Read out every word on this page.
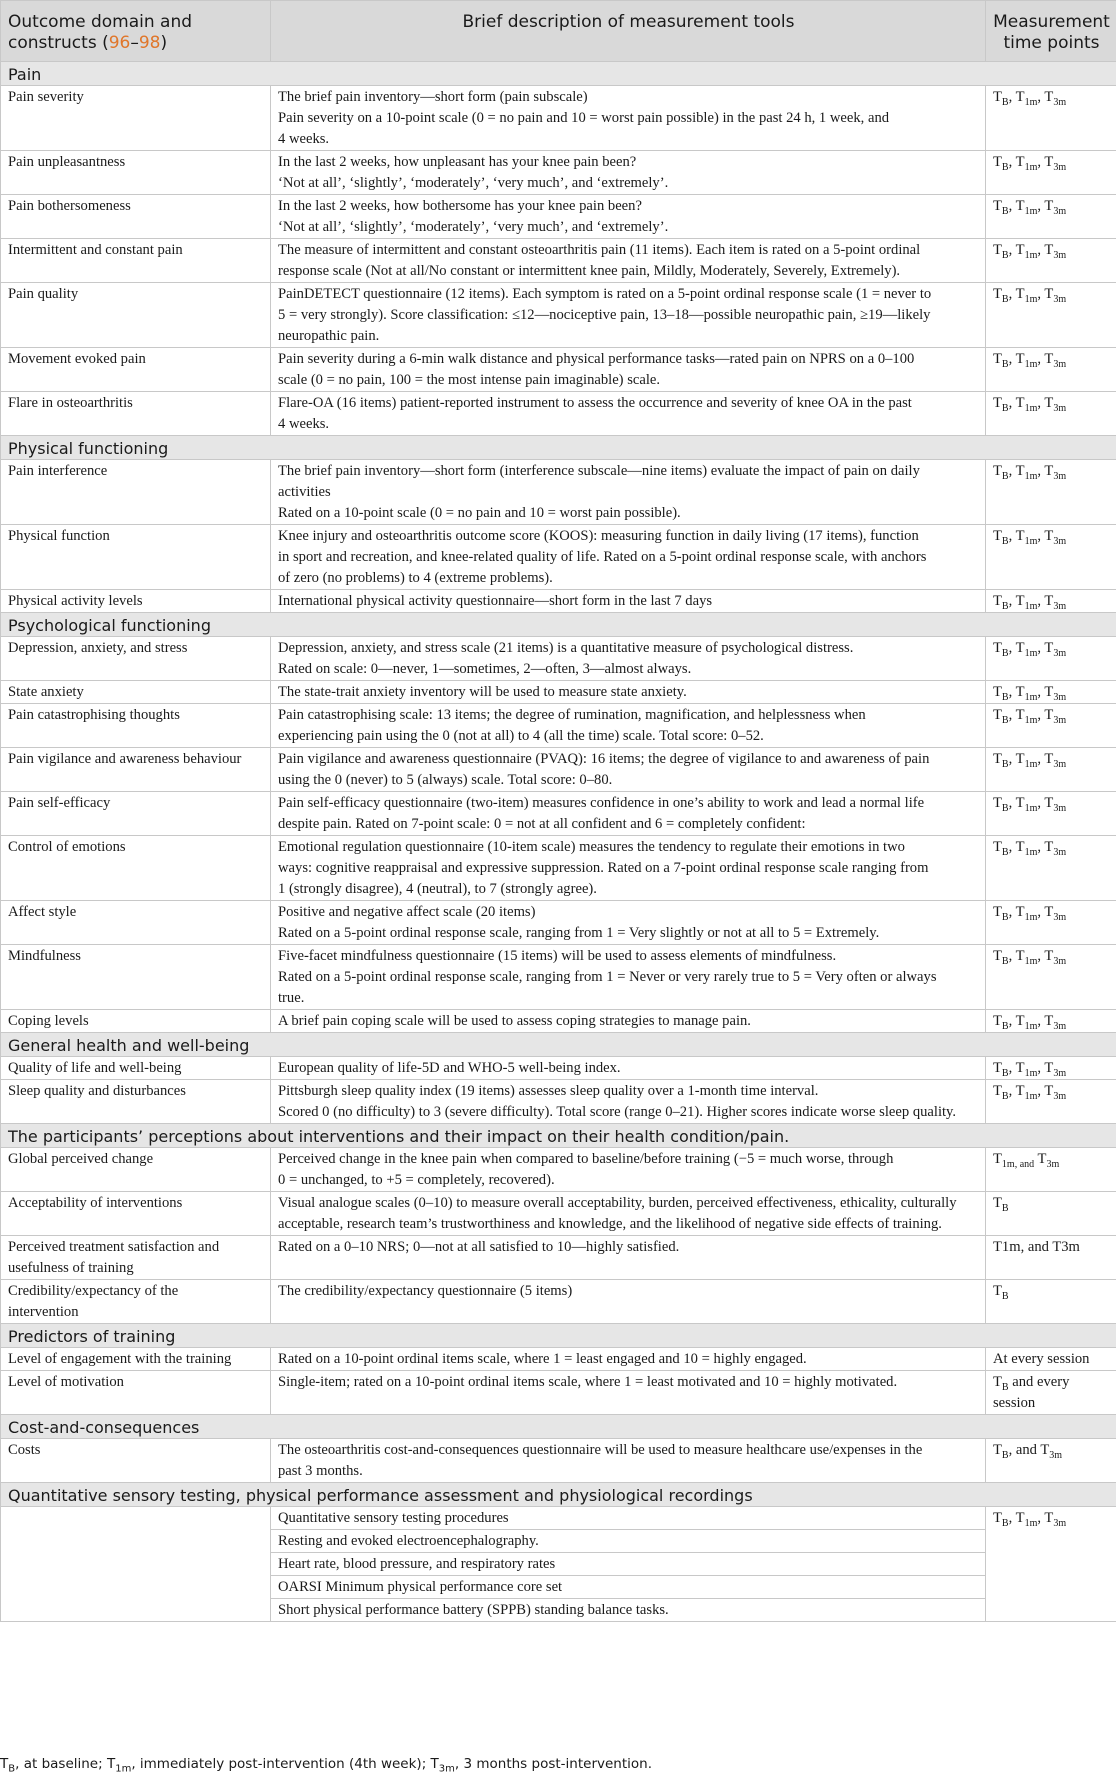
Outcome domain and
constructs (96–98)	Brief description of measurement tools	Measurement
time points

Pain		

Pain severity	The brief pain inventory—short form (pain subscale)
Pain severity on a 10-point scale (0 = no pain and 10 = worst pain possible) in the past 24 h, 1 week, and
4 weeks.	$T_B$, $T_{1m}$, $T_{3m}$

Pain unpleasantness	In the last 2 weeks, how unpleasant has your knee pain been?
‘Not at all’, ‘slightly’, ‘moderately’, ‘very much’, and ‘extremely’.	$T_B$, $T_{1m}$, $T_{3m}$

Pain bothersomeness	In the last 2 weeks, how bothersome has your knee pain been?
‘Not at all’, ‘slightly’, ‘moderately’, ‘very much’, and ‘extremely’.	$T_B$, $T_{1m}$, $T_{3m}$

Intermittent and constant pain	The measure of intermittent and constant osteoarthritis pain (11 items). Each item is rated on a 5-point ordinal
response scale (Not at all/No constant or intermittent knee pain, Mildly, Moderately, Severely, Extremely).	$T_B$, $T_{1m}$, $T_{3m}$

Pain quality	PainDETECT questionnaire (12 items). Each symptom is rated on a 5-point ordinal response scale (1 = never to
5 = very strongly). Score classification: ≤12—nociceptive pain, 13–18—possible neuropathic pain, ≥19—likely
neuropathic pain.	$T_B$, $T_{1m}$, $T_{3m}$

Movement evoked pain	Pain severity during a 6-min walk distance and physical performance tasks—rated pain on NPRS on a 0–100
scale (0 = no pain, 100 = the most intense pain imaginable) scale.	$T_B$, $T_{1m}$, $T_{3m}$

Flare in osteoarthritis	Flare-OA (16 items) patient-reported instrument to assess the occurrence and severity of knee OA in the past
4 weeks.	$T_B$, $T_{1m}$, $T_{3m}$
Physical functioning		

Pain interference	The brief pain inventory—short form (interference subscale—nine items) evaluate the impact of pain on daily
activities
Rated on a 10-point scale (0 = no pain and 10 = worst pain possible).	$T_B$, $T_{1m}$, $T_{3m}$

Physical function	Knee injury and osteoarthritis outcome score (KOOS): measuring function in daily living (17 items), function
in sport and recreation, and knee-related quality of life. Rated on a 5-point ordinal response scale, with anchors
of zero (no problems) to 4 (extreme problems).	$T_B$, $T_{1m}$, $T_{3m}$

Physical activity levels	International physical activity questionnaire—short form in the last 7 days	$T_B$, $T_{1m}$, $T_{3m}$
Psychological functioning		

Depression, anxiety, and stress	Depression, anxiety, and stress scale (21 items) is a quantitative measure of psychological distress.
Rated on scale: 0—never, 1—sometimes, 2—often, 3—almost always.	$T_B$, $T_{1m}$, $T_{3m}$

State anxiety	The state-trait anxiety inventory will be used to measure state anxiety.	$T_B$, $T_{1m}$, $T_{3m}$

Pain catastrophising thoughts	Pain catastrophising scale: 13 items; the degree of rumination, magnification, and helplessness when
experiencing pain using the 0 (not at all) to 4 (all the time) scale. Total score: 0–52.	$T_B$, $T_{1m}$, $T_{3m}$

Pain vigilance and awareness behaviour	Pain vigilance and awareness questionnaire (PVAQ): 16 items; the degree of vigilance to and awareness of pain
using the 0 (never) to 5 (always) scale. Total score: 0–80.	$T_B$, $T_{1m}$, $T_{3m}$

Pain self-efficacy	Pain self-efficacy questionnaire (two-item) measures confidence in one’s ability to work and lead a normal life
despite pain. Rated on 7-point scale: 0 = not at all confident and 6 = completely confident:	$T_B$, $T_{1m}$, $T_{3m}$

Control of emotions	Emotional regulation questionnaire (10-item scale) measures the tendency to regulate their emotions in two
ways: cognitive reappraisal and expressive suppression. Rated on a 7-point ordinal response scale ranging from
1 (strongly disagree), 4 (neutral), to 7 (strongly agree).	$T_B$, $T_{1m}$, $T_{3m}$

Affect style	Positive and negative affect scale (20 items)
Rated on a 5-point ordinal response scale, ranging from 1 = Very slightly or not at all to 5 = Extremely.	$T_B$, $T_{1m}$, $T_{3m}$

Mindfulness	Five-facet mindfulness questionnaire (15 items) will be used to assess elements of mindfulness.
Rated on a 5-point ordinal response scale, ranging from 1 = Never or very rarely true to 5 = Very often or always
true.	$T_B$, $T_{1m}$, $T_{3m}$

Coping levels	A brief pain coping scale will be used to assess coping strategies to manage pain.	$T_B$, $T_{1m}$, $T_{3m}$
General health and well-being		

Quality of life and well-being	European quality of life-5D and WHO-5 well-being index.	$T_B$, $T_{1m}$, $T_{3m}$

Sleep quality and disturbances	Pittsburgh sleep quality index (19 items) assesses sleep quality over a 1-month time interval.
Scored 0 (no difficulty) to 3 (severe difficulty). Total score (range 0–21). Higher scores indicate worse sleep quality.	$T_B$, $T_{1m}$, $T_{3m}$
The participants’ perceptions about interventions and their impact on their health condition/pain.		

Global perceived change	Perceived change in the knee pain when compared to baseline/before training (−5 = much worse, through
0 = unchanged, to +5 = completely, recovered).	$T_{1m, and}$ $T_{3m}$

Acceptability of interventions	Visual analogue scales (0–10) to measure overall acceptability, burden, perceived effectiveness, ethicality, culturally
acceptable, research team’s trustworthiness and knowledge, and the likelihood of negative side effects of training.	$T_B$

Perceived treatment satisfaction and
usefulness of training	Rated on a 0–10 NRS; 0—not at all satisfied to 10—highly satisfied.	T1m, and T3m

Credibility/expectancy of the
intervention	The credibility/expectancy questionnaire (5 items)	$T_B$
Predictors of training		

Level of engagement with the training	Rated on a 10-point ordinal items scale, where 1 = least engaged and 10 = highly engaged.	At every session

Level of motivation	Single-item; rated on a 10-point ordinal items scale, where 1 = least motivated and 10 = highly motivated.	$T_B$ and every
session

Cost-and-consequences		

Costs	The osteoarthritis cost-and-consequences questionnaire will be used to measure healthcare use/expenses in the
past 3 months.	$T_B$, and $T_{3m}$
Quantitative sensory testing, physical performance assessment and physiological recordings		
	Quantitative sensory testing procedures	$T_B$, $T_{1m}$, $T_{3m}$
	Resting and evoked electroencephalography.	
	Heart rate, blood pressure, and respiratory rates	
	OARSI Minimum physical performance core set	
	Short physical performance battery (SPPB) standing balance tasks.	
$T_B$, at baseline; $T_{1m}$, immediately post-intervention (4th week); $T_{3m}$, 3 months post-intervention.
